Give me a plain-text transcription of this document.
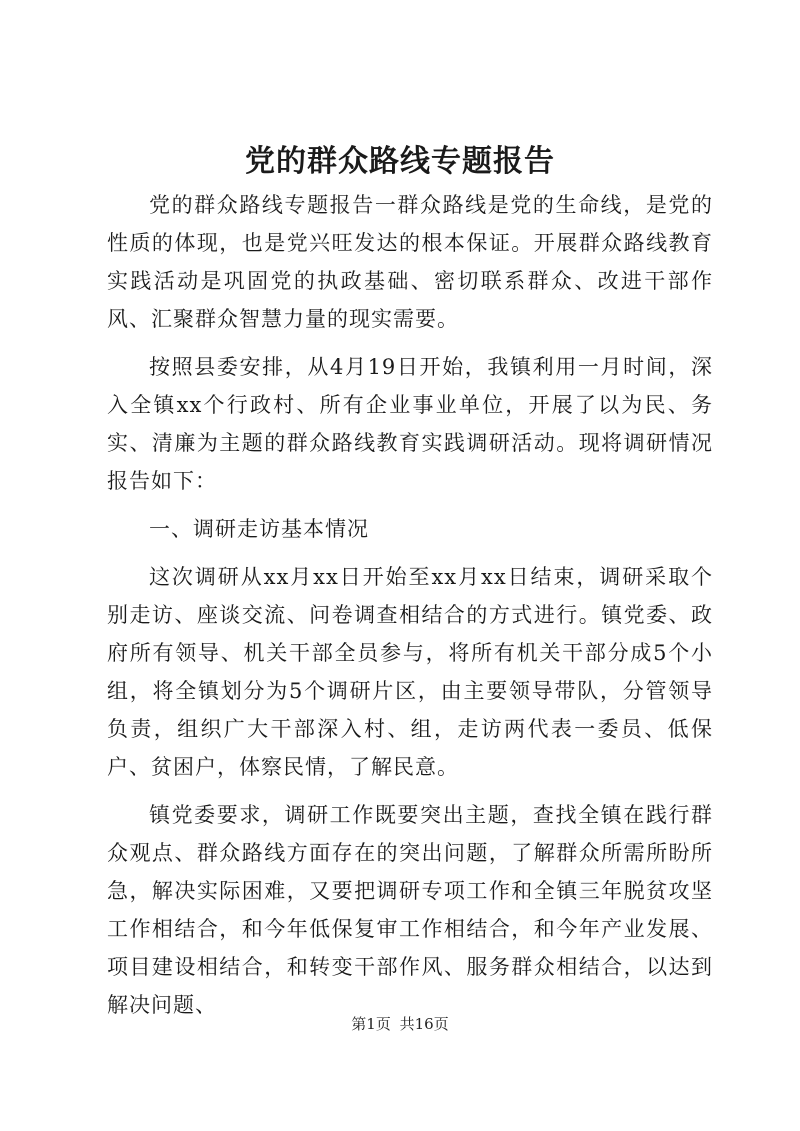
党的群众路线专题报告

党的群众路线专题报告一群众路线是党的生命线，是党的性质的体现，也是党兴旺发达的根本保证。开展群众路线教育实践活动是巩固党的执政基础、密切联系群众、改进干部作风、汇聚群众智慧力量的现实需要。

按照县委安排，从4月19日开始，我镇利用一月时间，深入全镇xx个行政村、所有企业事业单位，开展了以为民、务实、清廉为主题的群众路线教育实践调研活动。现将调研情况报告如下：

一、调研走访基本情况

这次调研从xx月xx日开始至xx月xx日结束，调研采取个别走访、座谈交流、问卷调查相结合的方式进行。镇党委、政府所有领导、机关干部全员参与，将所有机关干部分成5个小组，将全镇划分为5个调研片区，由主要领导带队，分管领导负责，组织广大干部深入村、组，走访两代表一委员、低保户、贫困户，体察民情，了解民意。

镇党委要求，调研工作既要突出主题，查找全镇在践行群众观点、群众路线方面存在的突出问题，了解群众所需所盼所急，解决实际困难，又要把调研专项工作和全镇三年脱贫攻坚工作相结合，和今年低保复审工作相结合，和今年产业发展、项目建设相结合，和转变干部作风、服务群众相结合，以达到解决问题、

第1页 共16页
